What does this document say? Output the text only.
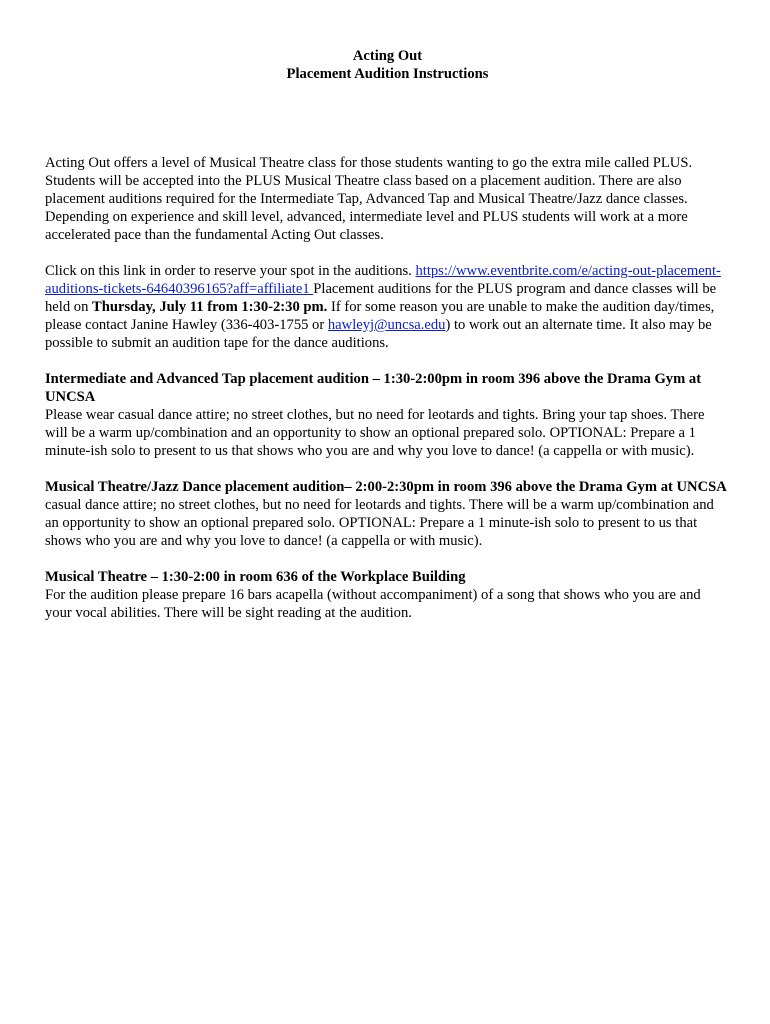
Acting Out

Placement Audition Instructions

Acting Out offers a level of Musical Theatre class for those students wanting to go the extra mile called PLUS. Students will be accepted into the PLUS Musical Theatre class based on a placement audition. There are also placement auditions required for the Intermediate Tap, Advanced Tap and Musical Theatre/Jazz dance classes. Depending on experience and skill level, advanced, intermediate level and PLUS students will work at a more accelerated pace than the fundamental Acting Out classes.

Click on this link in order to reserve your spot in the auditions. https://www.eventbrite.com/e/acting-out-placement-auditions-tickets-64640396165?aff=affiliate1 Placement auditions for the PLUS program and dance classes will be held on Thursday, July 11 from 1:30-2:30 pm. If for some reason you are unable to make the audition day/times, please contact Janine Hawley (336-403-1755 or hawleyj@uncsa.edu) to work out an alternate time. It also may be possible to submit an audition tape for the dance auditions.

Intermediate and Advanced Tap placement audition – 1:30-2:00pm in room 396 above the Drama Gym at UNCSA

Please wear casual dance attire; no street clothes, but no need for leotards and tights. Bring your tap shoes. There will be a warm up/combination and an opportunity to show an optional prepared solo. OPTIONAL: Prepare a 1 minute-ish solo to present to us that shows who you are and why you love to dance! (a cappella or with music).

Musical Theatre/Jazz Dance placement audition– 2:00-2:30pm in room 396 above the Drama Gym at UNCSA

casual dance attire; no street clothes, but no need for leotards and tights. There will be a warm up/combination and an opportunity to show an optional prepared solo. OPTIONAL: Prepare a 1 minute-ish solo to present to us that shows who you are and why you love to dance! (a cappella or with music).

Musical Theatre – 1:30-2:00 in room 636 of the Workplace Building

For the audition please prepare 16 bars acapella (without accompaniment) of a song that shows who you are and your vocal abilities. There will be sight reading at the audition.
